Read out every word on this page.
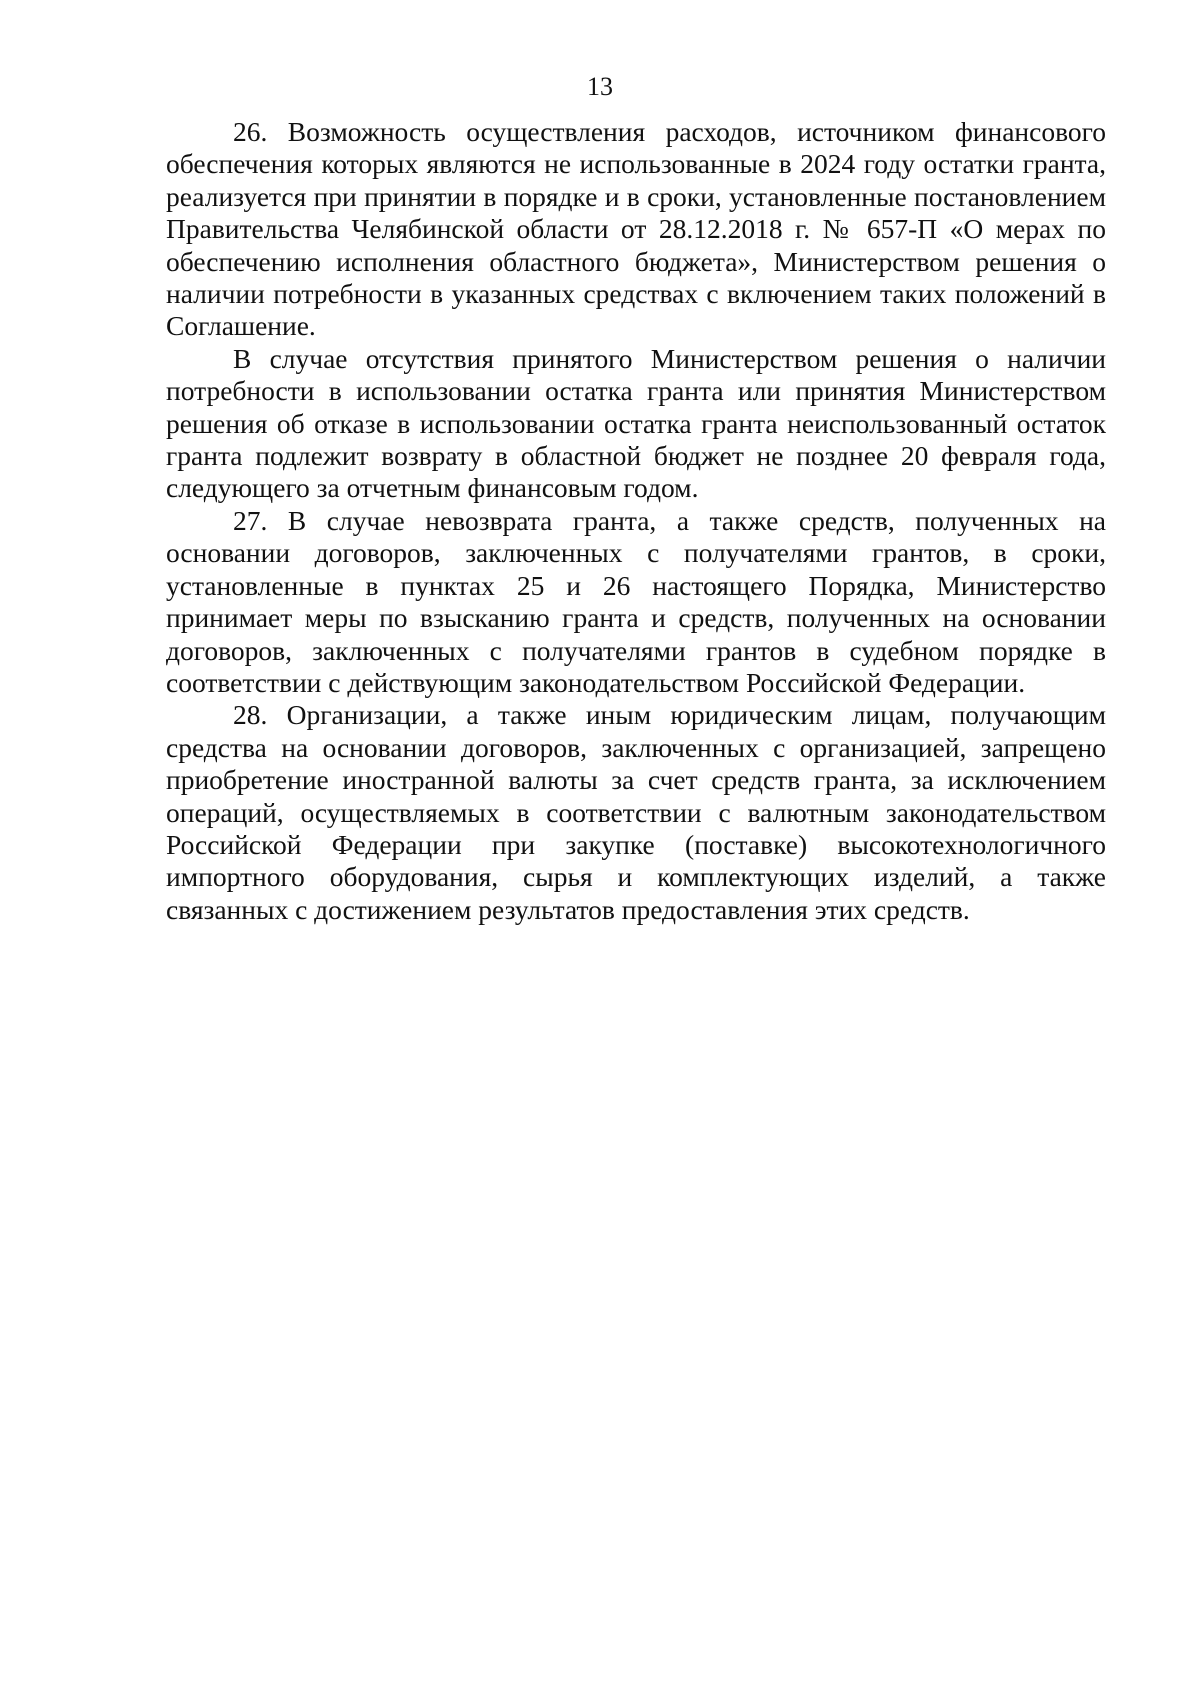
13

26. Возможность осуществления расходов, источником финансового обеспечения которых являются не использованные в 2024 году остатки гранта, реализуется при принятии в порядке и в сроки, установленные постановлением Правительства Челябинской области от 28.12.2018 г. № 657-П «О мерах по обеспечению исполнения областного бюджета», Министерством решения о наличии потребности в указанных средствах с включением таких положений в Соглашение.

В случае отсутствия принятого Министерством решения о наличии потребности в использовании остатка гранта или принятия Министерством решения об отказе в использовании остатка гранта неиспользованный остаток гранта подлежит возврату в областной бюджет не позднее 20 февраля года, следующего за отчетным финансовым годом.

27. В случае невозврата гранта, а также средств, полученных на основании договоров, заключенных с получателями грантов, в сроки, установленные в пунктах 25 и 26 настоящего Порядка, Министерство принимает меры по взысканию гранта и средств, полученных на основании договоров, заключенных с получателями грантов в судебном порядке в соответствии с действующим законодательством Российской Федерации.

28. Организации, а также иным юридическим лицам, получающим средства на основании договоров, заключенных с организацией, запрещено приобретение иностранной валюты за счет средств гранта, за исключением операций, осуществляемых в соответствии с валютным законодательством Российской Федерации при закупке (поставке) высокотехнологичного импортного оборудования, сырья и комплектующих изделий, а также связанных с достижением результатов предоставления этих средств.
